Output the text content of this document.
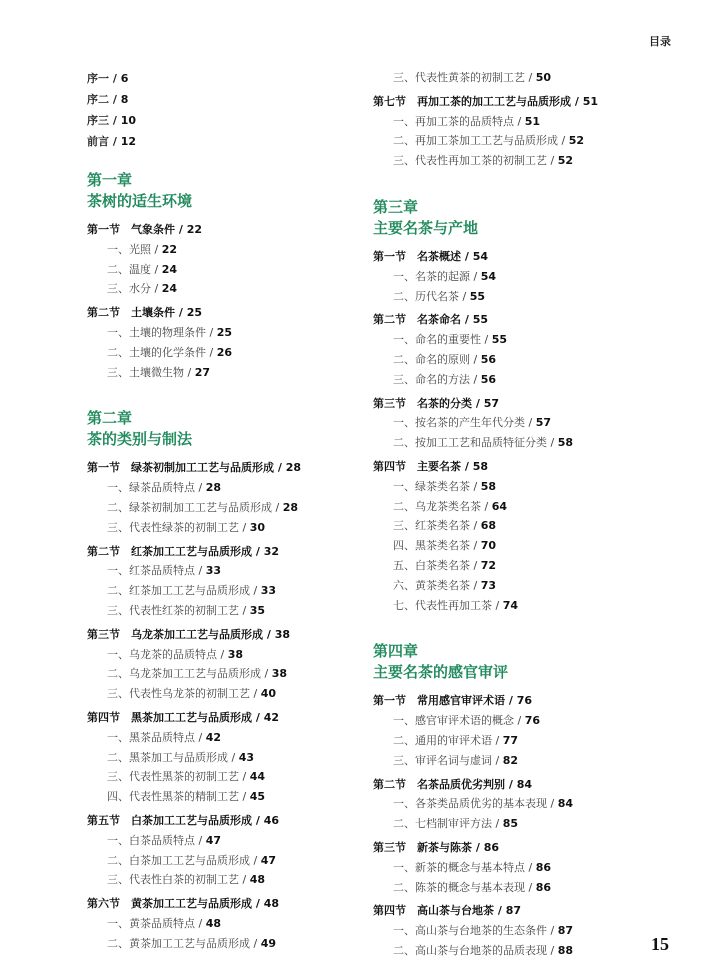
目录
序一 / 6
序二 / 8
序三 / 10
前言 / 12
第一章
茶树的适生环境
第一节 气象条件 / 22
一、光照 / 22
二、温度 / 24
三、水分 / 24
第二节 土壤条件 / 25
一、土壤的物理条件 / 25
二、土壤的化学条件 / 26
三、土壤微生物 / 27
第二章
茶的类别与制法
第一节 绿茶初制加工工艺与品质形成 / 28
一、绿茶品质特点 / 28
二、绿茶初制加工工艺与品质形成 / 28
三、代表性绿茶的初制工艺 / 30
第二节 红茶加工工艺与品质形成 / 32
一、红茶品质特点 / 33
二、红茶加工工艺与品质形成 / 33
三、代表性红茶的初制工艺 / 35
第三节 乌龙茶加工工艺与品质形成 / 38
一、乌龙茶的品质特点 / 38
二、乌龙茶加工工艺与品质形成 / 38
三、代表性乌龙茶的初制工艺 / 40
第四节 黑茶加工工艺与品质形成 / 42
一、黑茶品质特点 / 42
二、黑茶加工与品质形成 / 43
三、代表性黑茶的初制工艺 / 44
四、代表性黑茶的精制工艺 / 45
第五节 白茶加工工艺与品质形成 / 46
一、白茶品质特点 / 47
二、白茶加工工艺与品质形成 / 47
三、代表性白茶的初制工艺 / 48
第六节 黄茶加工工艺与品质形成 / 48
一、黄茶品质特点 / 48
二、黄茶加工工艺与品质形成 / 49
三、代表性黄茶的初制工艺 / 50
第七节 再加工茶的加工工艺与品质形成 / 51
一、再加工茶的品质特点 / 51
二、再加工茶加工工艺与品质形成 / 52
三、代表性再加工茶的初制工艺 / 52
第三章
主要名茶与产地
第一节 名茶概述 / 54
一、名茶的起源 / 54
二、历代名茶 / 55
第二节 名茶命名 / 55
一、命名的重要性 / 55
二、命名的原则 / 56
三、命名的方法 / 56
第三节 名茶的分类 / 57
一、按名茶的产生年代分类 / 57
二、按加工工艺和品质特征分类 / 58
第四节 主要名茶 / 58
一、绿茶类名茶 / 58
二、乌龙茶类名茶 / 64
三、红茶类名茶 / 68
四、黑茶类名茶 / 70
五、白茶类名茶 / 72
六、黄茶类名茶 / 73
七、代表性再加工茶 / 74
第四章
主要名茶的感官审评
第一节 常用感官审评术语 / 76
一、感官审评术语的概念 / 76
二、通用的审评术语 / 77
三、审评名词与虚词 / 82
第二节 名茶品质优劣判别 / 84
一、各茶类品质优劣的基本表现 / 84
二、七档制审评方法 / 85
第三节 新茶与陈茶 / 86
一、新茶的概念与基本特点 / 86
二、陈茶的概念与基本表现 / 86
第四节 高山茶与台地茶 / 87
一、高山茶与台地茶的生态条件 / 87
二、高山茶与台地茶的品质表现 / 88	15
